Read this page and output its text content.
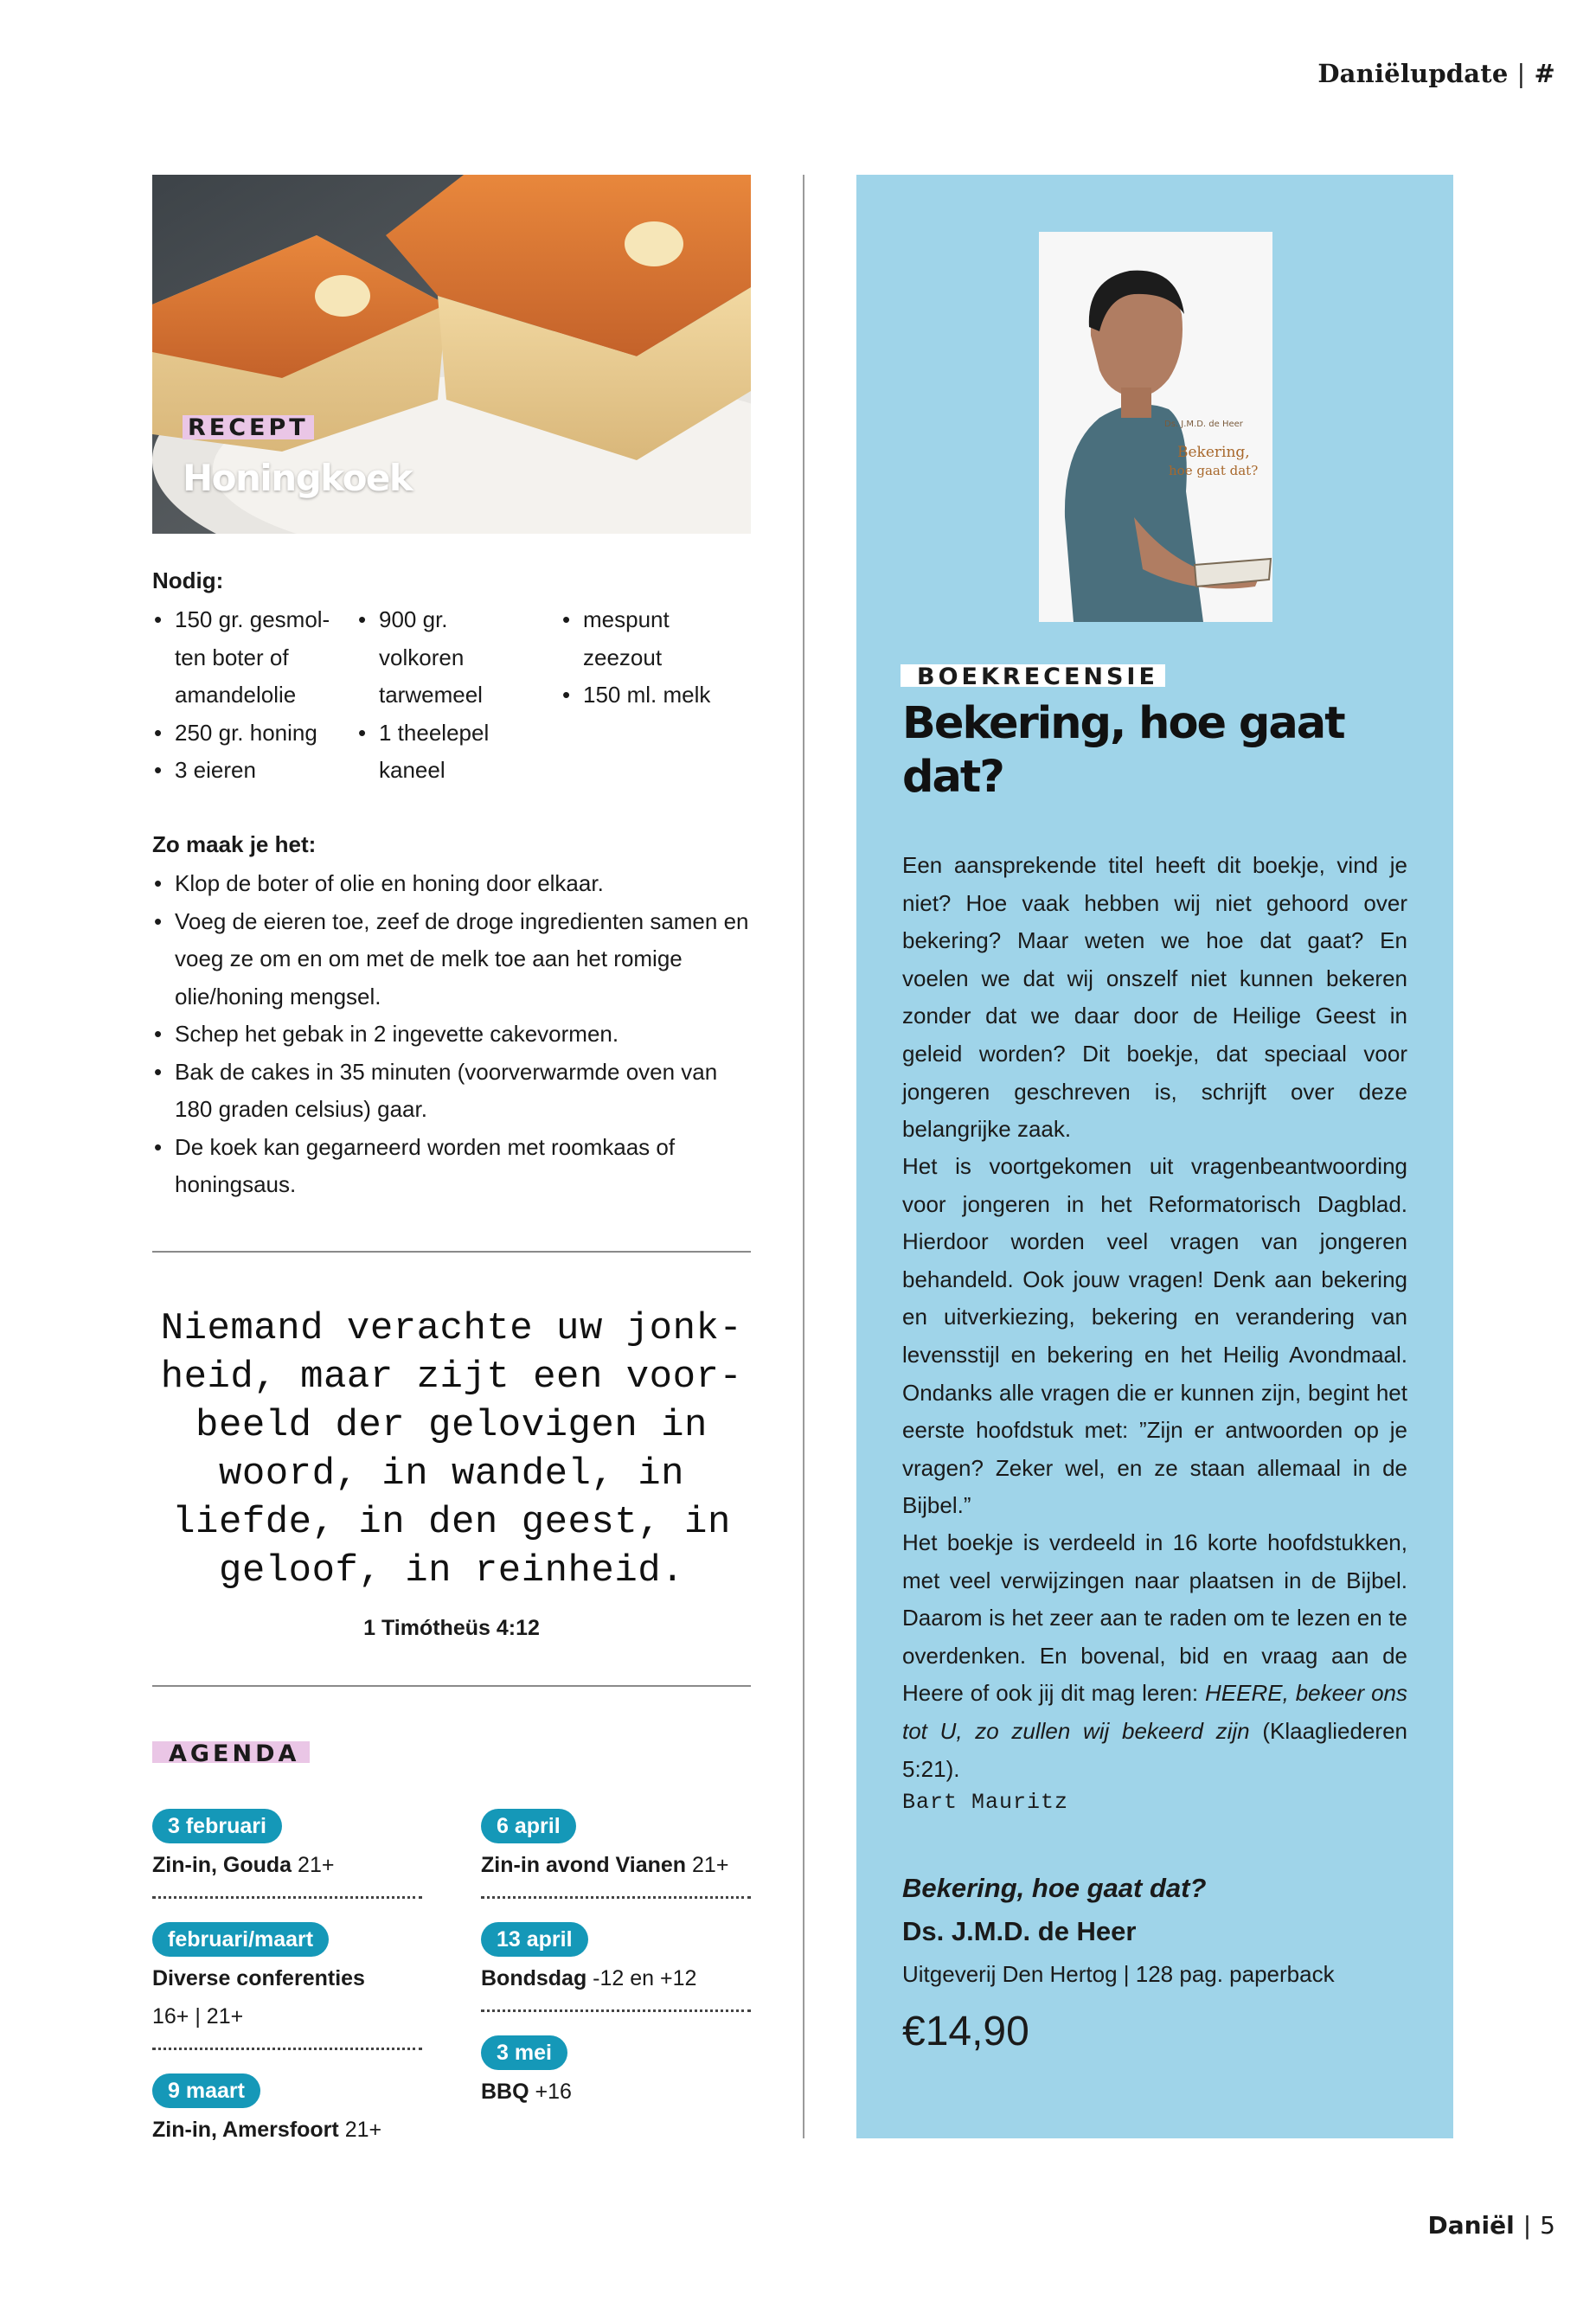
Daniëlupdate | #
RECEPT
Honingkoek
Nodig:
• 150 gr. gesmol-ten boter of amandelolie
• 250 gr. honing
• 3 eieren
• 900 gr. volkoren tarwemeel
• 1 theelepel kaneel
• mespunt zeezout
• 150 ml. melk
Zo maak je het:
• Klop de boter of olie en honing door elkaar.
• Voeg de eieren toe, zeef de droge ingredienten samen en voeg ze om en om met de melk toe aan het romige olie/honing mengsel.
• Schep het gebak in 2 ingevette cakevormen.
• Bak de cakes in 35 minuten (voorverwarmde oven van 180 graden celsius) gaar.
• De koek kan gegarneerd worden met roomkaas of honingsaus.
Niemand verachte uw jonk-
heid, maar zijt een voor-
beeld der gelovigen in
woord, in wandel, in
liefde, in den geest, in
geloof, in reinheid.
1 Timótheüs 4:12
AGENDA
3 februari
Zin-in, Gouda 21+
februari/maart
Diverse conferenties
16+ | 21+
9 maart
Zin-in, Amersfoort 21+
6 april
Zin-in avond Vianen 21+
13 april
Bondsdag -12 en +12
3 mei
BBQ +16
Ds. J.M.D. de Heer
Bekering,
hoe gaat dat?
BOEKRECENSIE
Bekering, hoe gaat dat?
Een aansprekende titel heeft dit boekje, vind je niet? Hoe vaak hebben wij niet gehoord over bekering? Maar weten we hoe dat gaat? En voelen we dat wij onszelf niet kunnen bekeren zonder dat we daar door de Heilige Geest in geleid worden? Dit boekje, dat speciaal voor jongeren geschreven is, schrijft over deze belangrijke zaak.
Het is voortgekomen uit vragenbeantwoording voor jongeren in het Reformatorisch Dagblad. Hierdoor worden veel vragen van jongeren behandeld. Ook jouw vragen! Denk aan bekering en uitverkiezing, bekering en verandering van levensstijl en bekering en het Heilig Avondmaal. Ondanks alle vragen die er kunnen zijn, begint het eerste hoofdstuk met: ”Zijn er antwoorden op je vragen? Zeker wel, en ze staan allemaal in de Bijbel.”
Het boekje is verdeeld in 16 korte hoofdstukken, met veel verwijzingen naar plaatsen in de Bijbel. Daarom is het zeer aan te raden om te lezen en te overdenken. En bovenal, bid en vraag aan de Heere of ook jij dit mag leren: HEERE, bekeer ons tot U, zo zullen wij bekeerd zijn (Klaagliederen 5:21).
Bart Mauritz
Bekering, hoe gaat dat?
Ds. J.M.D. de Heer
Uitgeverij Den Hertog | 128 pag. paperback
€14,90
Daniël | 5
